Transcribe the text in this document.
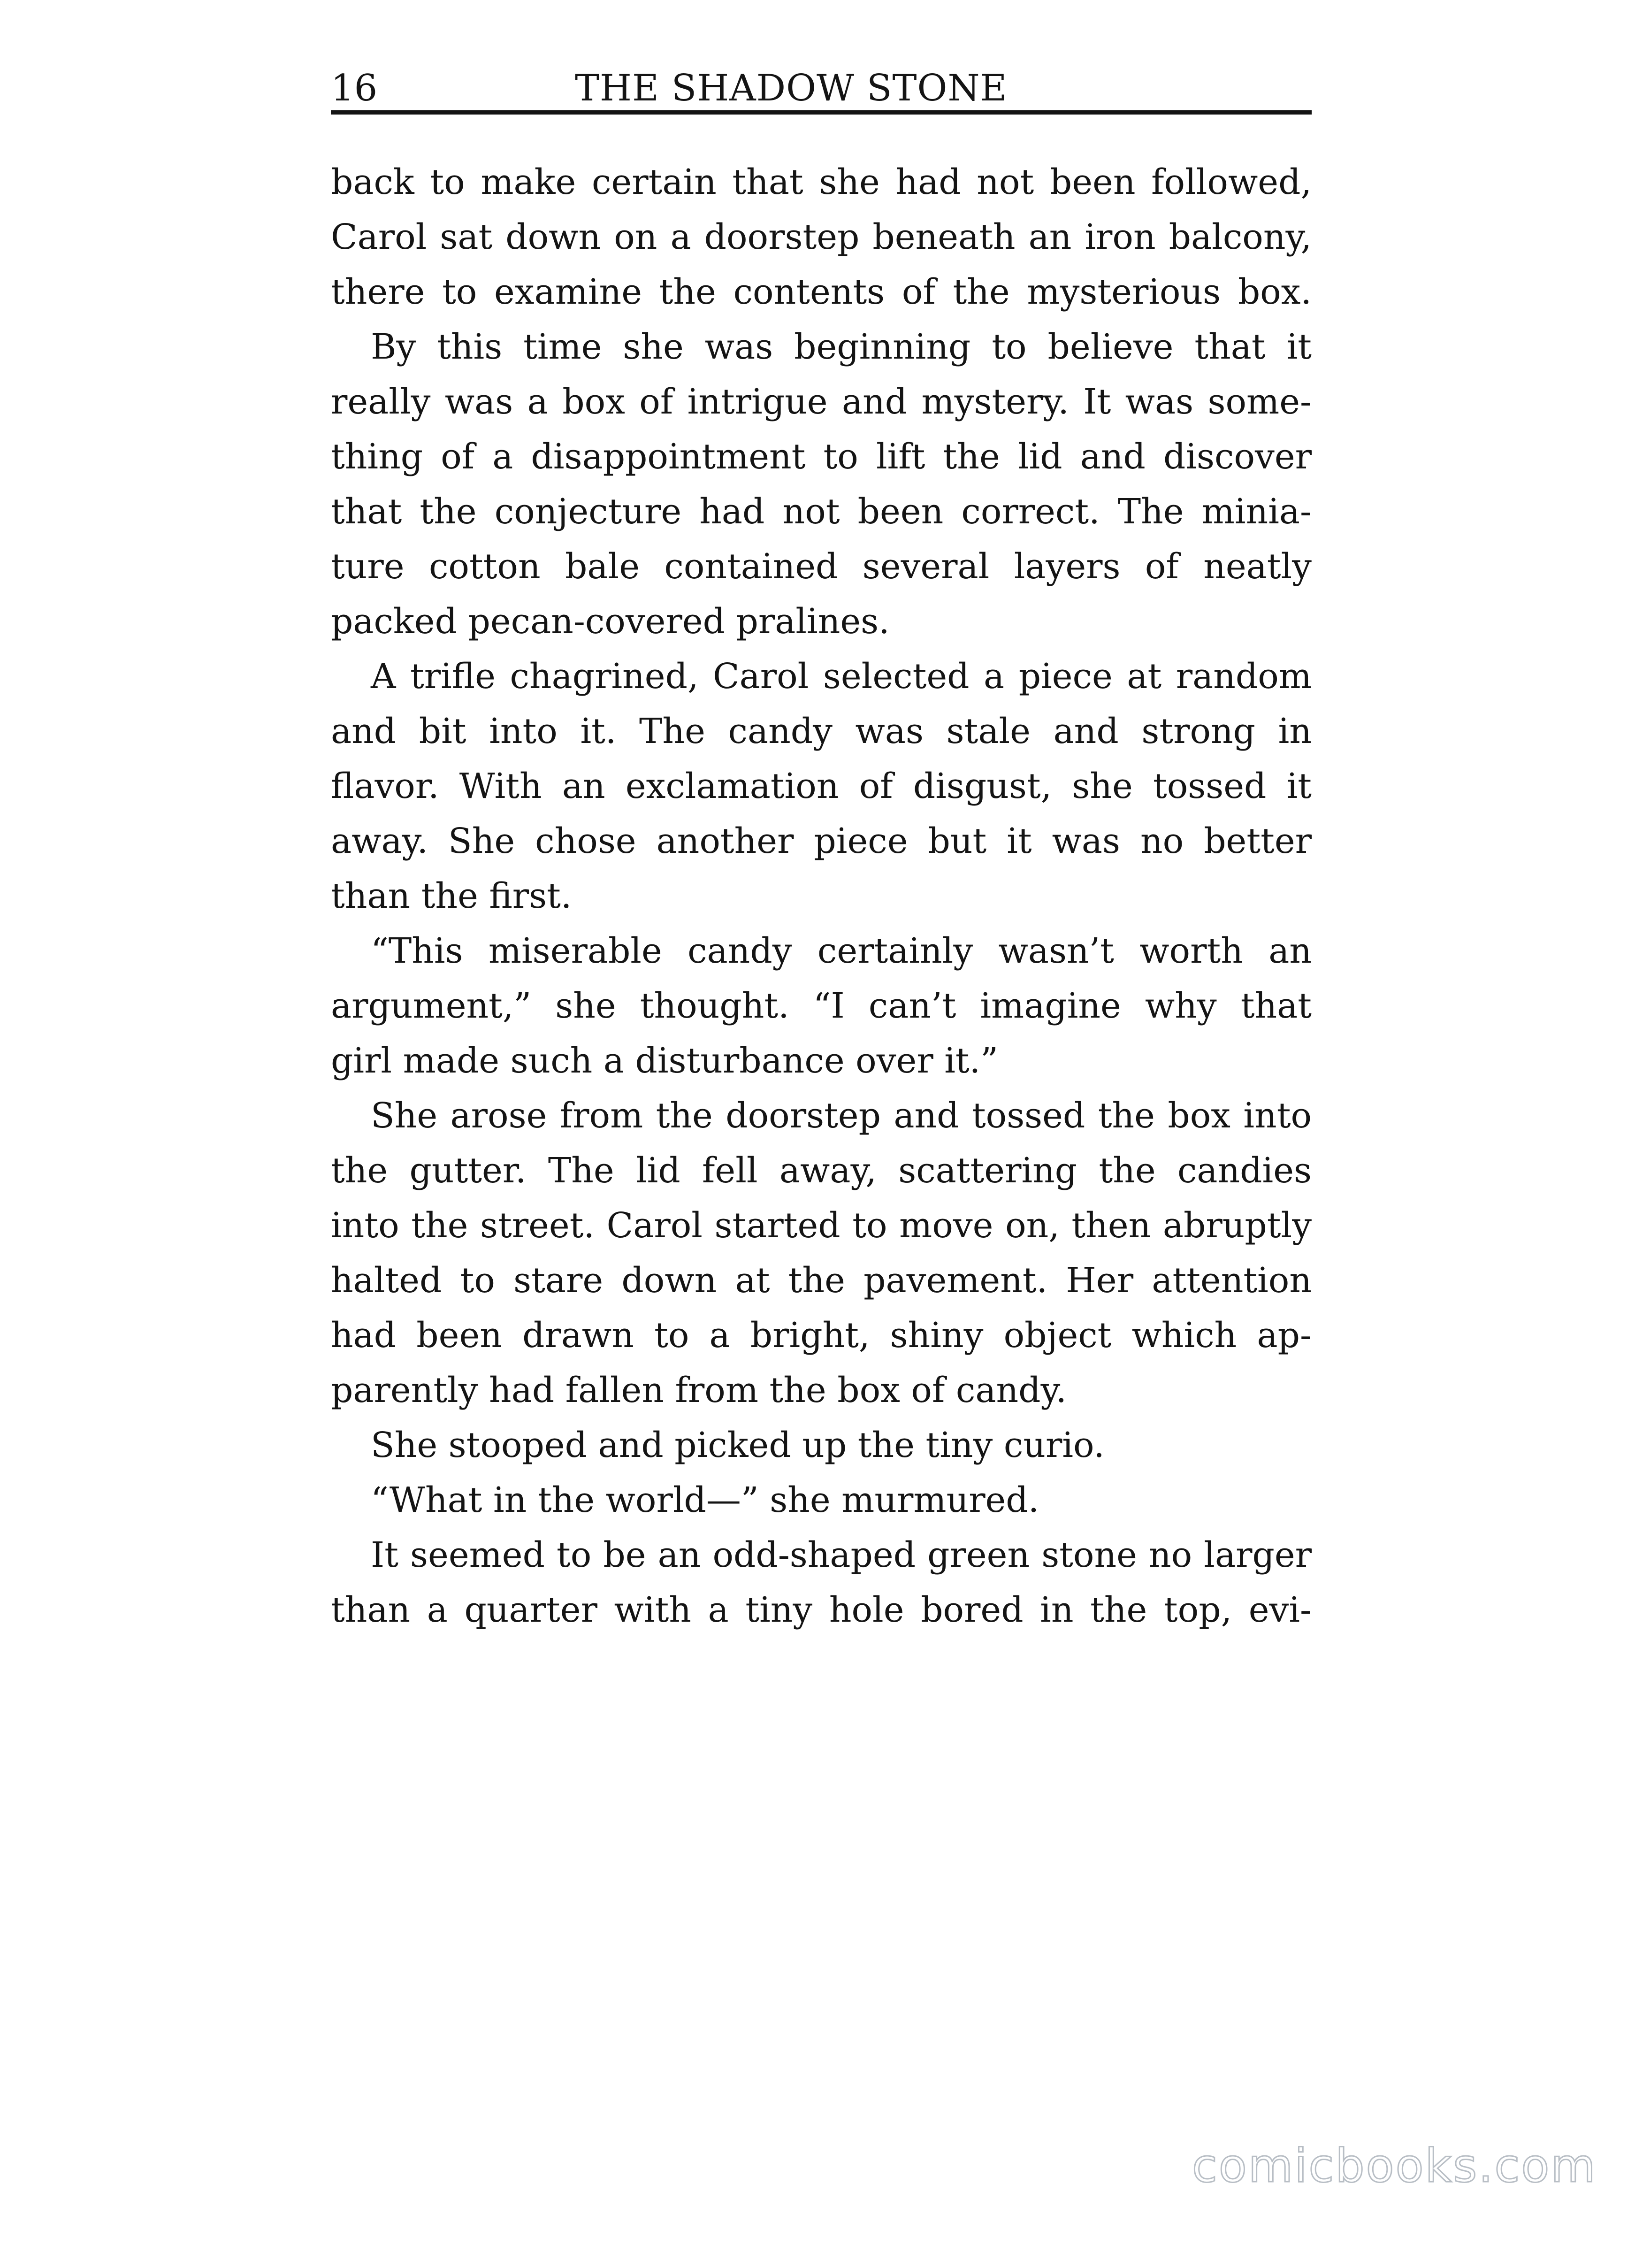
16	THE SHADOW STONE
back to make certain that she had not been followed,
Carol sat down on a doorstep beneath an iron balcony,
there to examine the contents of the mysterious box.
By this time she was beginning to believe that it
really was a box of intrigue and mystery. It was some-
thing of a disappointment to lift the lid and discover
that the conjecture had not been correct. The minia-
ture cotton bale contained several layers of neatly
packed pecan-covered pralines.
A trifle chagrined, Carol selected a piece at random
and bit into it. The candy was stale and strong in
flavor. With an exclamation of disgust, she tossed it
away. She chose another piece but it was no better
than the first.
“This miserable candy certainly wasn’t worth an
argument,” she thought. “I can’t imagine why that
girl made such a disturbance over it.”
She arose from the doorstep and tossed the box into
the gutter. The lid fell away, scattering the candies
into the street. Carol started to move on, then abruptly
halted to stare down at the pavement. Her attention
had been drawn to a bright, shiny object which ap-
parently had fallen from the box of candy.
She stooped and picked up the tiny curio.
“What in the world—” she murmured.
It seemed to be an odd-shaped green stone no larger
than a quarter with a tiny hole bored in the top, evi-
comicbooks.com
